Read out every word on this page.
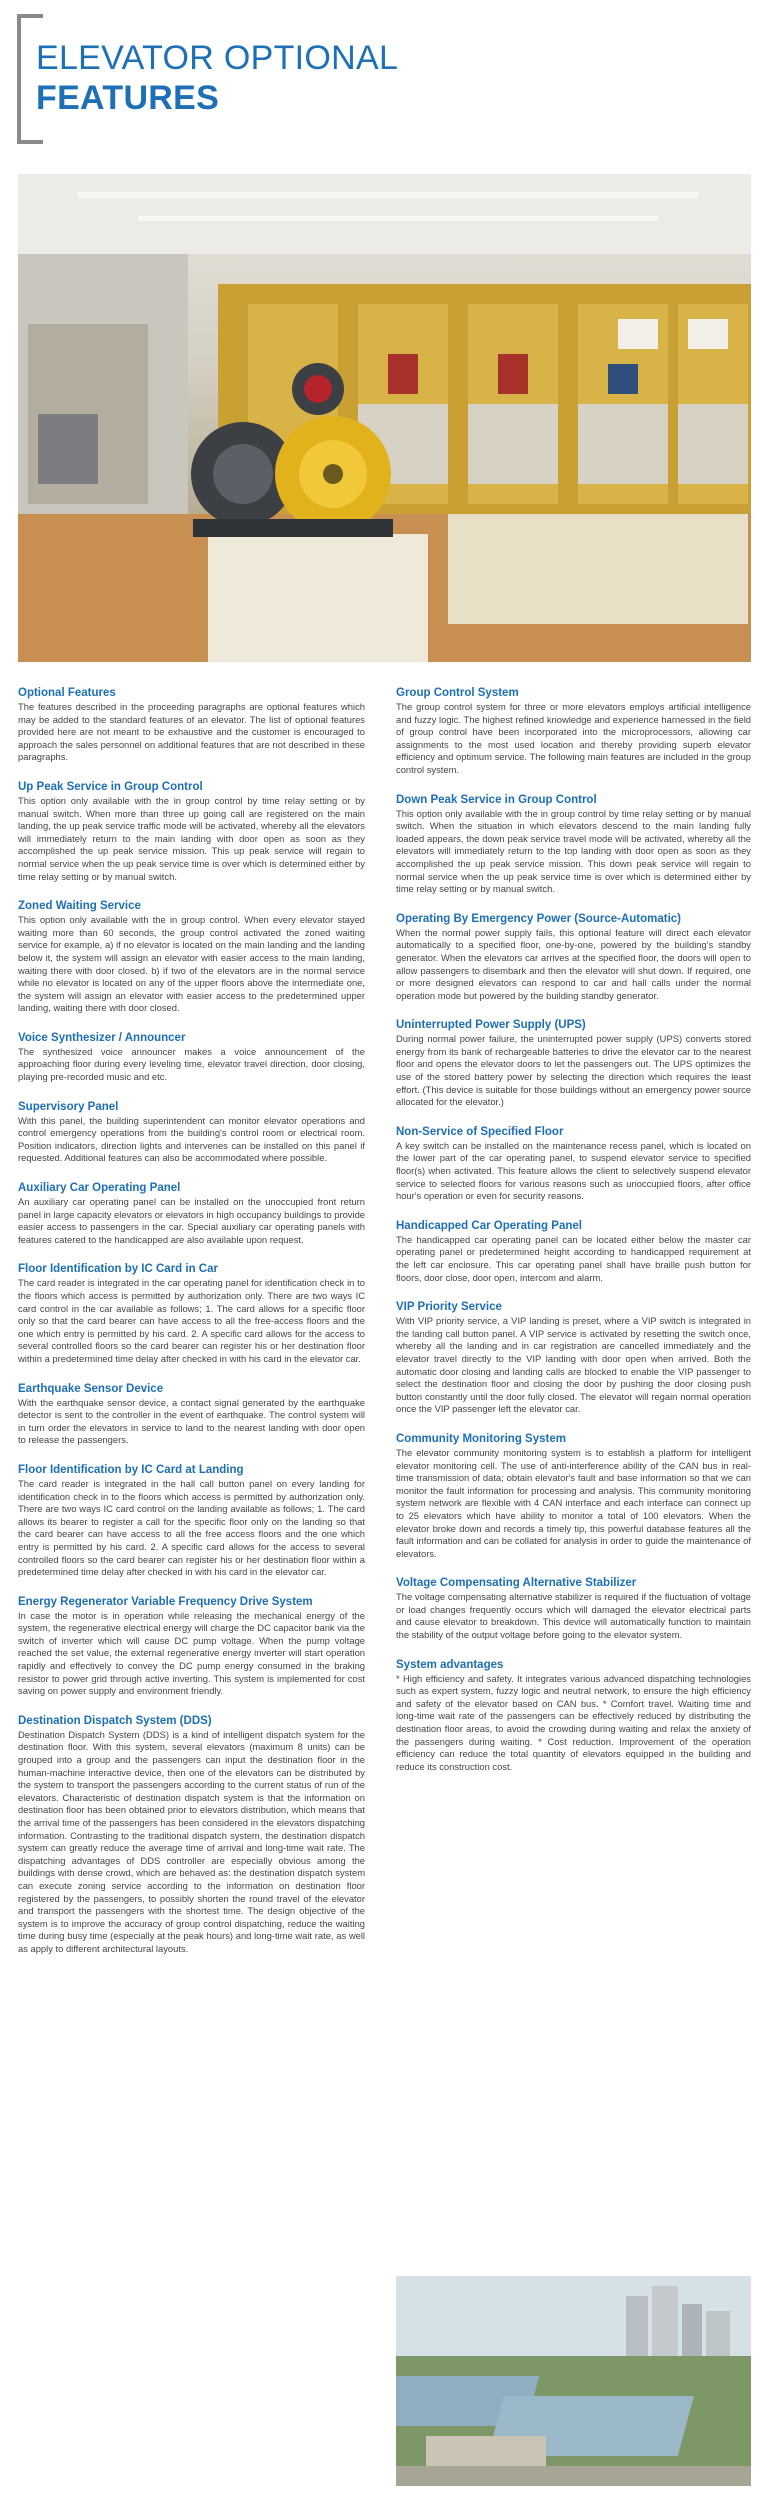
ELEVATOR OPTIONAL
FEATURES
Optional Features

The features described in the proceeding paragraphs are optional features which may be added to the standard features of an elevator. The list of optional features provided here are not meant to be exhaustive and the customer is encouraged to approach the sales personnel on additional features that are not described in these paragraphs.

Up Peak Service in Group Control

This option only available with the in group control by time relay setting or by manual switch. When more than three up going call are registered on the main landing, the up peak service traffic mode will be activated, whereby all the elevators will immediately return to the main landing with door open as soon as they accomplished the up peak service mission. This up peak service will regain to normal service when the up peak service time is over which is determined either by time relay setting or by manual switch.

Zoned Waiting Service

This option only available with the in group control. When every elevator stayed waiting more than 60 seconds, the group control activated the zoned waiting service for example, a) if no elevator is located on the main landing and the landing below it, the system will assign an elevator with easier access to the main landing, waiting there with door closed. b) if two of the elevators are in the normal service while no elevator is located on any of the upper floors above the intermediate one, the system will assign an elevator with easier access to the predetermined upper landing, waiting there with door closed.

Voice Synthesizer / Announcer

The synthesized voice announcer makes a voice announcement of the approaching floor during every leveling time, elevator travel direction, door closing, playing pre-recorded music and etc.

Supervisory Panel

With this panel, the building superintendent can monitor elevator operations and control emergency operations from the building's control room or electrical room. Position indicators, direction lights and intervenes can be installed on this panel if requested. Additional features can also be accommodated where possible.

Auxiliary Car Operating Panel

An auxiliary car operating panel can be installed on the unoccupied front return panel in large capacity elevators or elevators in high occupancy buildings to provide easier access to passengers in the car. Special auxiliary car operating panels with features catered to the handicapped are also available upon request.

Floor Identification by IC Card in Car

The card reader is integrated in the car operating panel for identification check in to the floors which access is permitted by authorization only. There are two ways IC card control in the car available as follows; 1. The card allows for a specific floor only so that the card bearer can have access to all the free-access floors and the one which entry is permitted by his card. 2. A specific card allows for the access to several controlled floors so the card bearer can register his or her destination floor within a predetermined time delay after checked in with his card in the elevator car.

Earthquake Sensor Device

With the earthquake sensor device, a contact signal generated by the earthquake detector is sent to the controller in the event of earthquake. The control system will in turn order the elevators in service to land to the nearest landing with door open to release the passengers.

Floor Identification by IC Card at Landing

The card reader is integrated in the hall call button panel on every landing for identification check in to the floors which access is permitted by authorization only. There are two ways IC card control on the landing available as follows; 1. The card allows its bearer to register a call for the specific floor only on the landing so that the card bearer can have access to all the free access floors and the one which entry is permitted by his card. 2. A specific card allows for the access to several controlled floors so the card bearer can register his or her destination floor within a predetermined time delay after checked in with his card in the elevator car.

Energy Regenerator Variable Frequency Drive System

In case the motor is in operation while releasing the mechanical energy of the system, the regenerative electrical energy will charge the DC capacitor bank via the switch of inverter which will cause DC pump voltage. When the pump voltage reached the set value, the external regenerative energy inverter will start operation rapidly and effectively to convey the DC pump energy consumed in the braking resistor to power grid through active inverting. This system is implemented for cost saving on power supply and environment friendly.

Destination Dispatch System (DDS)

Destination Dispatch System (DDS) is a kind of intelligent dispatch system for the destination floor. With this system, several elevators (maximum 8 units) can be grouped into a group and the passengers can input the destination floor in the human-machine interactive device, then one of the elevators can be distributed by the system to transport the passengers according to the current status of run of the elevators. Characteristic of destination dispatch system is that the information on destination floor has been obtained prior to elevators distribution, which means that the arrival time of the passengers has been considered in the elevators dispatching information. Contrasting to the traditional dispatch system, the destination dispatch system can greatly reduce the average time of arrival and long-time wait rate. The dispatching advantages of DDS controller are especially obvious among the buildings with dense crowd, which are behaved as: the destination dispatch system can execute zoning service according to the information on destination floor registered by the passengers, to possibly shorten the round travel of the elevator and transport the passengers with the shortest time. The design objective of the system is to improve the accuracy of group control dispatching, reduce the waiting time during busy time (especially at the peak hours) and long-time wait rate, as well as apply to different architectural layouts.

Group Control System

The group control system for three or more elevators employs artificial intelligence and fuzzy logic. The highest refined knowledge and experience harnessed in the field of group control have been incorporated into the microprocessors, allowing car assignments to the most used location and thereby providing superb elevator efficiency and optimum service. The following main features are included in the group control system.

Down Peak Service in Group Control

This option only available with the in group control by time relay setting or by manual switch. When the situation in which elevators descend to the main landing fully loaded appears, the down peak service travel mode will be activated, whereby all the elevators will immediately return to the top landing with door open as soon as they accomplished the up peak service mission. This down peak service will regain to normal service when the up peak service time is over which is determined either by time relay setting or by manual switch.

Operating By Emergency Power (Source-Automatic)

When the normal power supply fails, this optional feature will direct each elevator automatically to a specified floor, one-by-one, powered by the building's standby generator. When the elevators car arrives at the specified floor, the doors will open to allow passengers to disembark and then the elevator will shut down. If required, one or more designed elevators can respond to car and hall calls under the normal operation mode but powered by the building standby generator.

Uninterrupted Power Supply (UPS)

During normal power failure, the uninterrupted power supply (UPS) converts stored energy from its bank of rechargeable batteries to drive the elevator car to the nearest floor and opens the elevator doors to let the passengers out. The UPS optimizes the use of the stored battery power by selecting the direction which requires the least effort. (This device is suitable for those buildings without an emergency power source allocated for the elevator.)

Non-Service of Specified Floor

A key switch can be installed on the maintenance recess panel, which is located on the lower part of the car operating panel, to suspend elevator service to specified floor(s) when activated. This feature allows the client to selectively suspend elevator service to selected floors for various reasons such as unoccupied floors, after office hour's operation or even for security reasons.

Handicapped Car Operating Panel

The handicapped car operating panel can be located either below the master car operating panel or predetermined height according to handicapped requirement at the left car enclosure. This car operating panel shall have braille push button for floors, door close, door open, intercom and alarm.

VIP Priority Service

With VIP priority service, a VIP landing is preset, where a VIP switch is integrated in the landing call button panel. A VIP service is activated by resetting the switch once, whereby all the landing and in car registration are cancelled immediately and the elevator travel directly to the VIP landing with door open when arrived. Both the automatic door closing and landing calls are blocked to enable the VIP passenger to select the destination floor and closing the door by pushing the door closing push button constantly until the door fully closed. The elevator will regain normal operation once the VIP passenger left the elevator car.

Community Monitoring System

The elevator community monitoring system is to establish a platform for intelligent elevator monitoring cell. The use of anti-interference ability of the CAN bus in real-time transmission of data; obtain elevator's fault and base information so that we can monitor the fault information for processing and analysis. This community monitoring system network are flexible with 4 CAN interface and each interface can connect up to 25 elevators which have ability to monitor a total of 100 elevators. When the elevator broke down and records a timely tip, this powerful database features all the fault information and can be collated for analysis in order to guide the maintenance of elevators.

Voltage Compensating Alternative Stabilizer

The voltage compensating alternative stabilizer is required if the fluctuation of voltage or load changes frequently occurs which will damaged the elevator electrical parts and cause elevator to breakdown. This device will automatically function to maintain the stability of the output voltage before going to the elevator system.

System advantages

* High efficiency and safety. It integrates various advanced dispatching technologies such as expert system, fuzzy logic and neutral network, to ensure the high efficiency and safety of the elevator based on CAN bus. * Comfort travel. Waiting time and long-time wait rate of the passengers can be effectively reduced by distributing the destination floor areas, to avoid the crowding during waiting and relax the anxiety of the passengers during waiting. * Cost reduction. Improvement of the operation efficiency can reduce the total quantity of elevators equipped in the building and reduce its construction cost.
